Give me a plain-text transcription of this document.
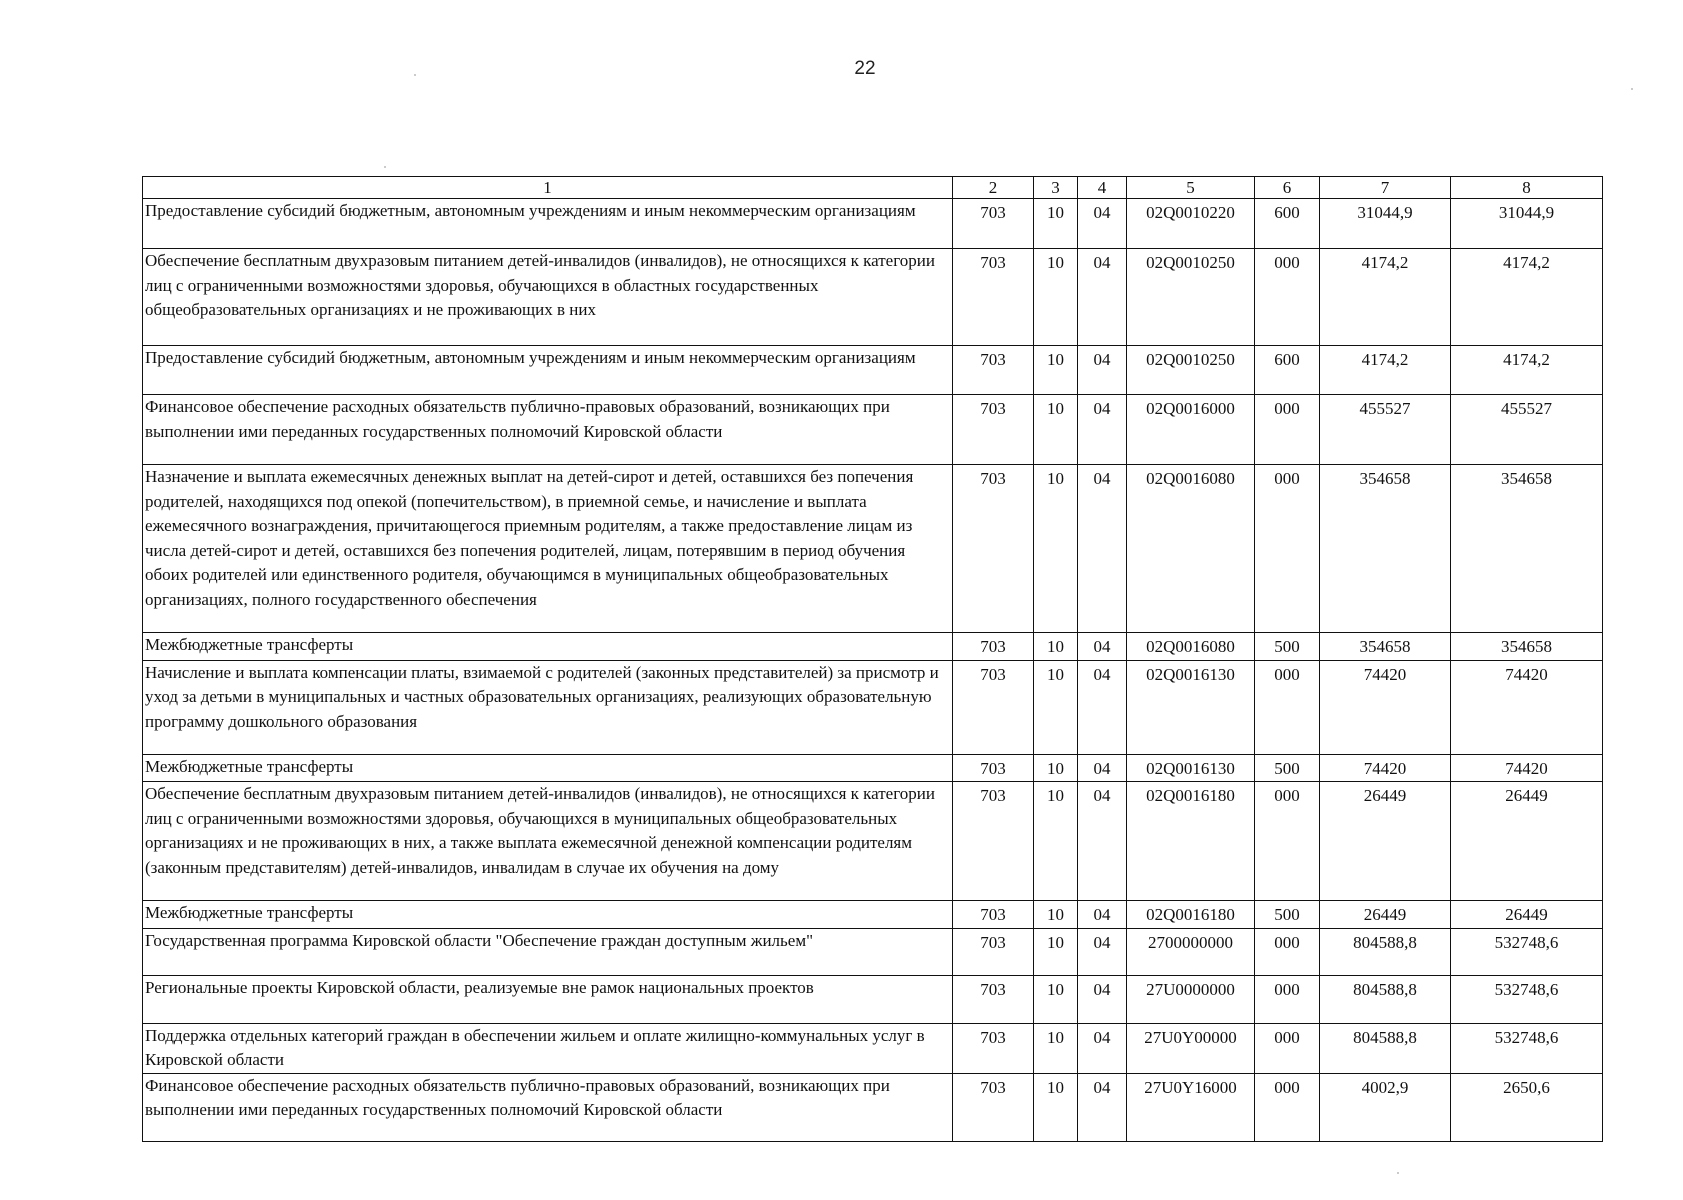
22
1	2	3	4	5	6	7	8
Предоставление субсидий бюджетным, автономным учреждениям и иным некоммерческим организациям	703	10	04	02Q0010220	600	31044,9	31044,9
Обеспечение бесплатным двухразовым питанием детей-инвалидов (инвалидов), не относящихся к категории лиц с ограниченными возможностями здоровья, обучающихся в областных государственных общеобразовательных организациях и не проживающих в них	703	10	04	02Q0010250	000	4174,2	4174,2
Предоставление субсидий бюджетным, автономным учреждениям и иным некоммерческим организациям	703	10	04	02Q0010250	600	4174,2	4174,2
Финансовое обеспечение расходных обязательств публично-правовых образований, возникающих при выполнении ими переданных государственных полномочий Кировской области	703	10	04	02Q0016000	000	455527	455527
Назначение и выплата ежемесячных денежных выплат на детей-сирот и детей, оставшихся без попечения родителей, находящихся под опекой (попечительством), в приемной семье, и начисление и выплата ежемесячного вознаграждения, причитающегося приемным родителям, а также предоставление лицам из числа детей-сирот и детей, оставшихся без попечения родителей, лицам, потерявшим в период обучения обоих родителей или единственного родителя, обучающимся в муниципальных общеобразовательных организациях, полного государственного обеспечения	703	10	04	02Q0016080	000	354658	354658
Межбюджетные трансферты	703	10	04	02Q0016080	500	354658	354658
Начисление и выплата компенсации платы, взимаемой с родителей (законных представителей) за присмотр и уход за детьми в муниципальных и частных образовательных организациях, реализующих образовательную программу дошкольного образования	703	10	04	02Q0016130	000	74420	74420
Межбюджетные трансферты	703	10	04	02Q0016130	500	74420	74420
Обеспечение бесплатным двухразовым питанием детей-инвалидов (инвалидов), не относящихся к категории лиц с ограниченными возможностями здоровья, обучающихся в муниципальных общеобразовательных организациях и не проживающих в них, а также выплата ежемесячной денежной компенсации родителям (законным представителям) детей-инвалидов, инвалидам в случае их обучения на дому	703	10	04	02Q0016180	000	26449	26449
Межбюджетные трансферты	703	10	04	02Q0016180	500	26449	26449
Государственная программа Кировской области "Обеспечение граждан доступным жильем"	703	10	04	2700000000	000	804588,8	532748,6
Региональные проекты Кировской области, реализуемые вне рамок национальных проектов	703	10	04	27U0000000	000	804588,8	532748,6
Поддержка отдельных категорий граждан в обеспечении жильем и оплате жилищно-коммунальных услуг в Кировской области	703	10	04	27U0Y00000	000	804588,8	532748,6
Финансовое обеспечение расходных обязательств публично-правовых образований, возникающих при выполнении ими переданных государственных полномочий Кировской области	703	10	04	27U0Y16000	000	4002,9	2650,6
